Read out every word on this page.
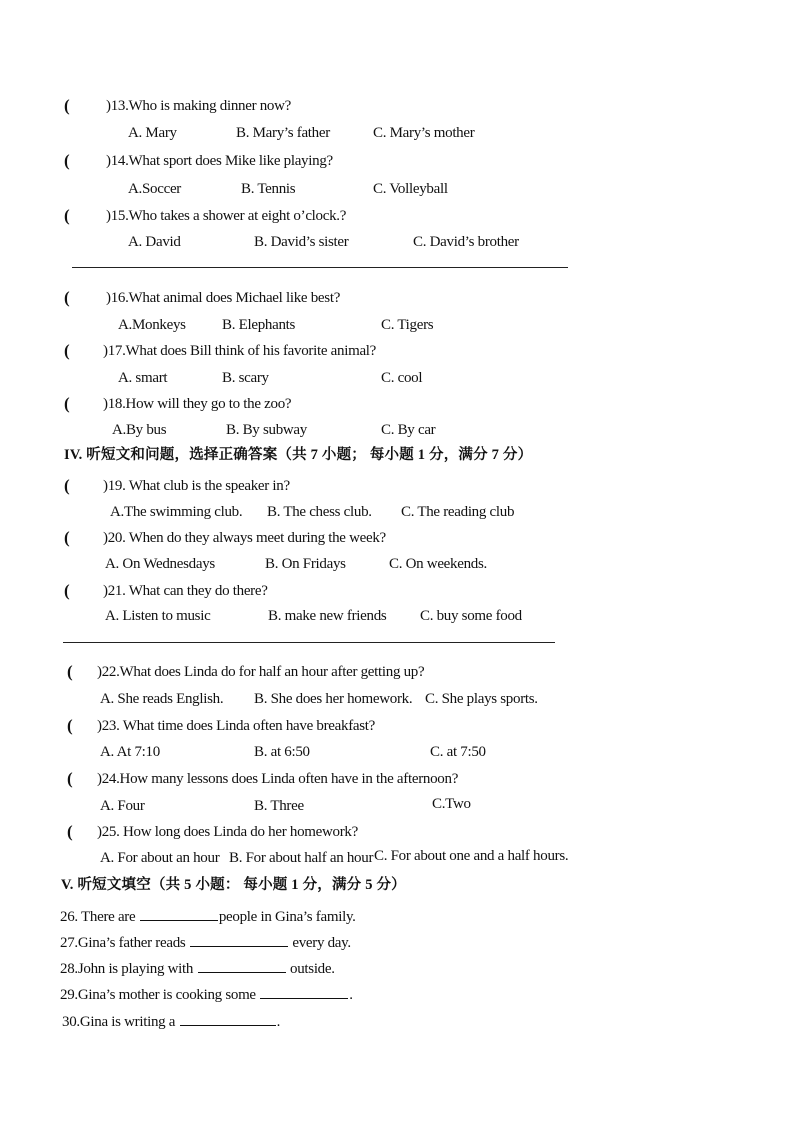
( )13.Who is making dinner now?
A. Mary	B. Mary’s father	C. Mary’s mother
( )14.What sport does Mike like playing?
A.Soccer	B. Tennis	C. Volleyball
( )15.Who takes a shower at eight o’clock.?
A. David	B. David’s sister	C. David’s brother
( )16.What animal does Michael like best?
A.Monkeys B. Elephants	C. Tigers
( )17.What does Bill think of his favorite animal?
A. smart	B. scary	C. cool
( )18.How will they go to the zoo?
A.By bus	B. By subway	C. By car
IV. 听短文和问题，选择正确答案（共 7 小题； 每小题 1 分，满分 7 分）
( )19. What club is the speaker in?
A.The swimming club. B. The chess club. C. The reading club
( )20. When do they always meet during the week?
A. On Wednesdays	B. On Fridays	C. On weekends.
( )21. What can they do there?
A. Listen to music	B. make new friends C. buy some food
( )22.What does Linda do for half an hour after getting up?
A. She reads English. B. She does her homework. C. She plays sports.
( )23. What time does Linda often have breakfast?
A. At 7:10	B. at 6:50	C. at 7:50
( )24.How many lessons does Linda often have in the afternoon?
A. Four	B. Three	C.Two
( )25. How long does Linda do her homework?
A. For about an hour B. For about half an hour C. For about one and a half hours.
V. 听短文填空（共 5 小题： 每小题 1 分，满分 5 分）
26. There are	people in Gina’s family.
27.Gina’s father reads	every day.
28.John is playing with	outside.
29.Gina’s mother is cooking some	.
30.Gina is writing a	.
